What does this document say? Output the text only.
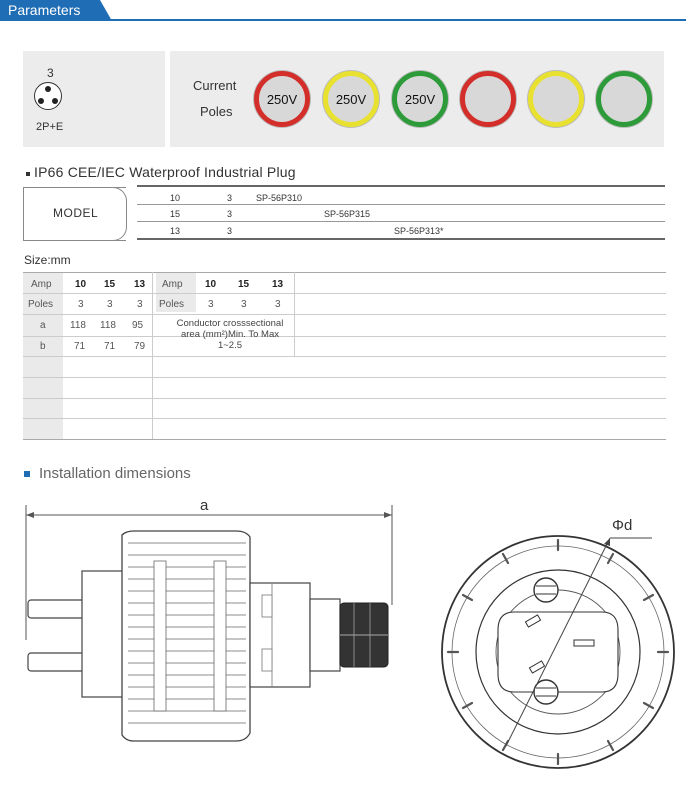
Parameters
3
2P+E
Current
Poles
250V	250V	250V
IP66 CEE/IEC Waterproof Industrial Plug
MODEL
10	3	SP-56P310
15	3	SP-56P315
13	3	SP-56P313*
Size:mm
Amp 10 15 13
Poles 3 3 3
a 118 118 95
b	71 71 79
Amp 10 15 13
Poles 3	3	3
Conductor crosssectional
area (mm²)Min. To Max
1~2.5
Installation dimensions
a
Φd
